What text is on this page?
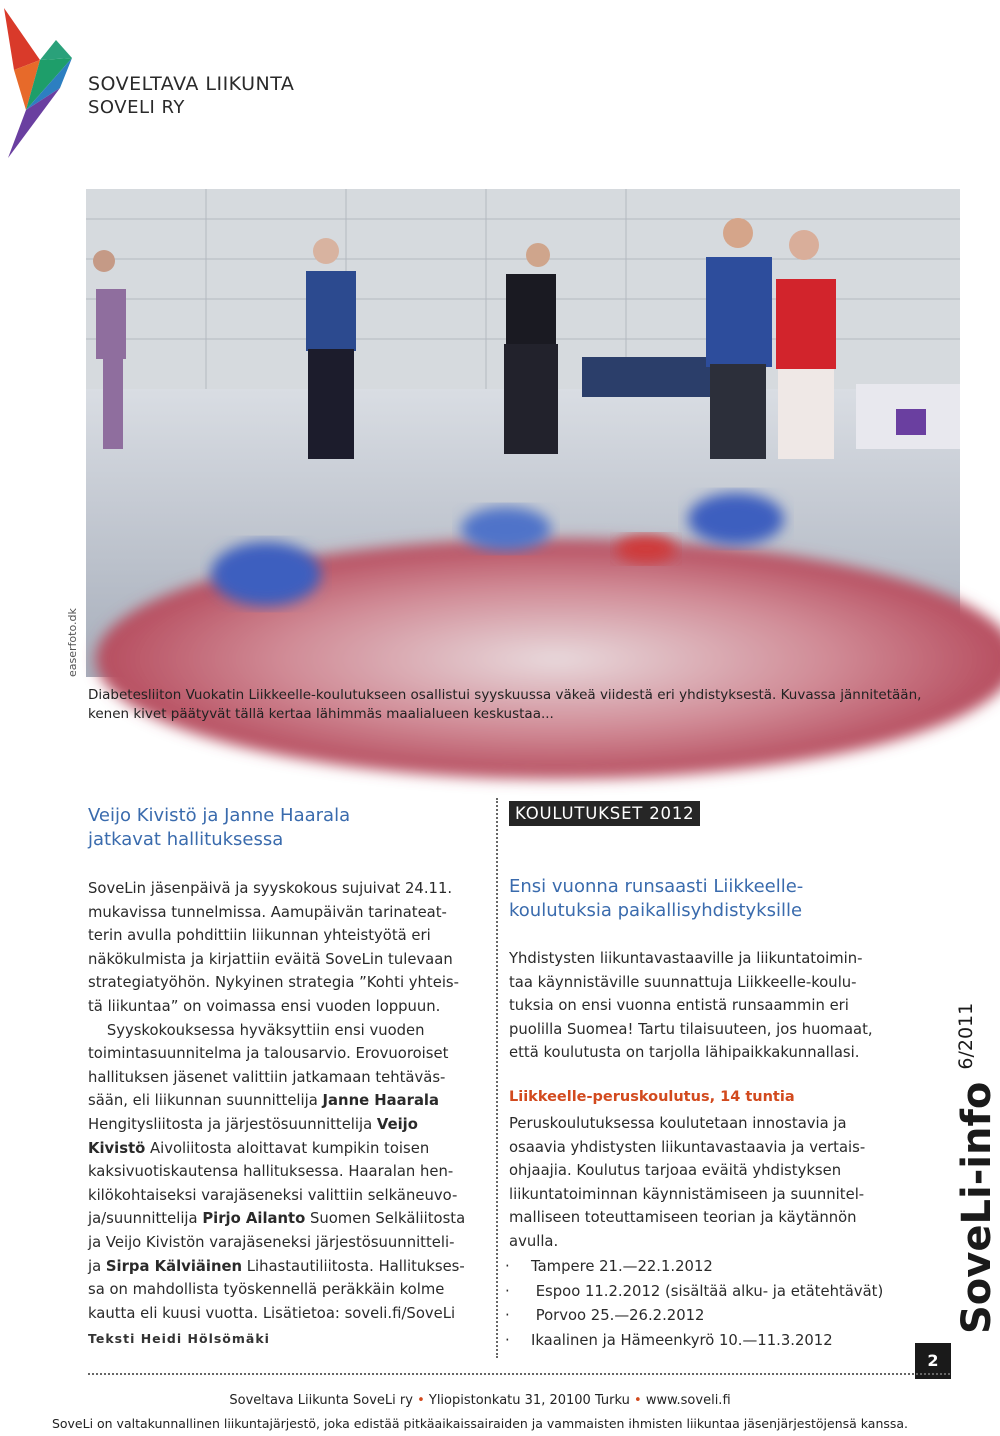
SOVELTAVA LIIKUNTA
SOVELI RY
easerfoto.dk

Diabetesliiton Vuokatin Liikkeelle-koulutukseen osallistui syyskuussa väkeä viidestä eri yhdistyksestä. Kuvassa jännitetään,

kenen kivet päätyvät tällä kertaa lähimmäs maalialueen keskustaa...

Veijo Kivistö ja Janne Haarala
jatkavat hallituksessa
SoveLin jäsenpäivä ja syyskokous sujuivat 24.11.
mukavissa tunnelmissa. Aamupäivän tarinateat-
terin avulla pohdittiin liikunnan yhteistyötä eri
näkökulmista ja kirjattiin eväitä SoveLin tulevaan
strategiatyöhön. Nykyinen strategia ”Kohti yhteis-
tä liikuntaa” on voimassa ensi vuoden loppuun.
Syyskokouksessa hyväksyttiin ensi vuoden
toimintasuunnitelma ja talousarvio. Erovuoroiset
hallituksen jäsenet valittiin jatkamaan tehtäväs-
sään, eli liikunnan suunnittelija Janne Haarala
Hengitysliitosta ja järjestösuunnittelija Veijo
Kivistö Aivoliitosta aloittavat kumpikin toisen
kaksivuotiskautensa hallituksessa. Haaralan hen-
kilökohtaiseksi varajäseneksi valittiin selkäneuvo-
ja/suunnittelija Pirjo Ailanto Suomen Selkäliitosta
ja Veijo Kivistön varajäseneksi järjestösuunnitteli-
ja Sirpa Kälviäinen Lihastautiliitosta. Hallitukses-
sa on mahdollista työskennellä peräkkäin kolme
kautta eli kuusi vuotta. Lisätietoa: soveli.fi/SoveLi
Teksti Heidi Hölsömäki
KOULUTUKSET 2012
Ensi vuonna runsaasti Liikkeelle-
koulutuksia paikallisyhdistyksille
Yhdistysten liikuntavastaaville ja liikuntatoimin-
taa käynnistäville suunnattuja Liikkeelle-koulu-
tuksia on ensi vuonna entistä runsaammin eri
puolilla Suomea! Tartu tilaisuuteen, jos huomaat,
että koulutusta on tarjolla lähipaikkakunnallasi.
Liikkeelle-peruskoulutus, 14 tuntia
Peruskoulutuksessa koulutetaan innostavia ja
osaavia yhdistysten liikuntavastaavia ja vertais-
ohjaajia. Koulutus tarjoaa eväitä yhdistyksen
liikuntatoiminnan käynnistämiseen ja suunnitel-
malliseen toteuttamiseen teorian ja käytännön
avulla.
· Tampere 21.—22.1.2012
· Espoo 11.2.2012 (sisältää alku- ja etätehtävät)
· Porvoo 25.—26.2.2012
· Ikaalinen ja Hämeenkyrö 10.—11.3.2012
SoveLi-info6/2011
2
Soveltava Liikunta SoveLi ry • Yliopistonkatu 31, 20100 Turku • www.soveli.fi
SoveLi on valtakunnallinen liikuntajärjestö, joka edistää pitkäaikaissairaiden ja vammaisten ihmisten liikuntaa jäsenjärjestöjensä kanssa.
